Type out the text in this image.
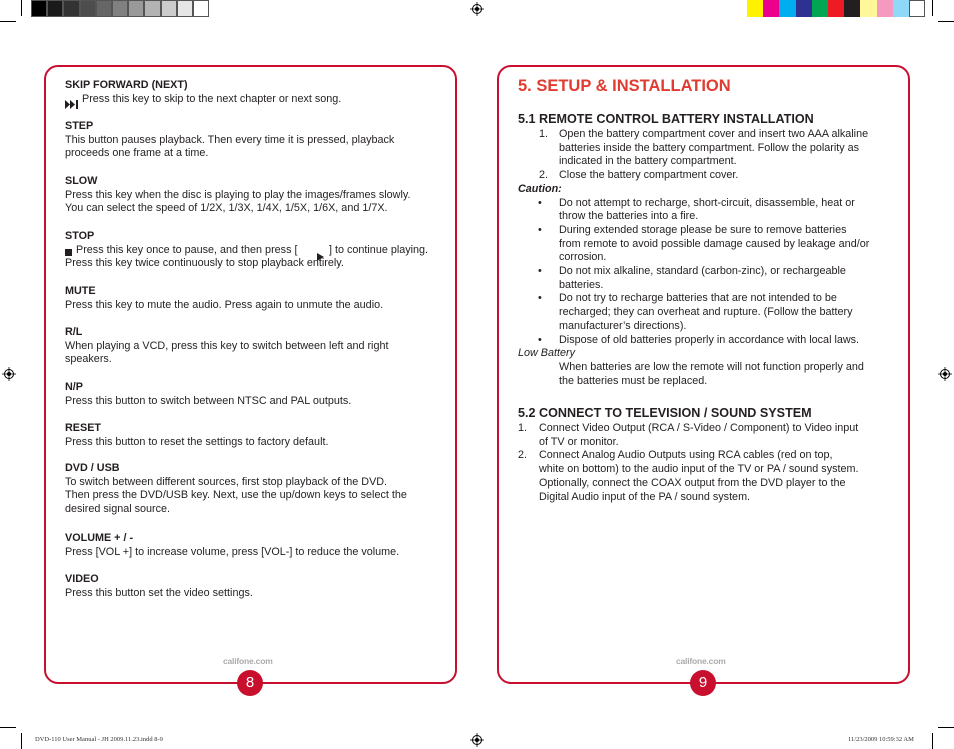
SKIP FORWARD (NEXT)
Press this key to skip to the next chapter or next song.
STEP
This button pauses playback. Then every time it is pressed, playback
proceeds one frame at a time.
SLOW
Press this key when the disc is playing to play the images/frames slowly.
You can select the speed of 1/2X, 1/3X, 1/4X, 1/5X, 1/6X, and 1/7X.
STOP
Press this key once to pause, and then press [	] to continue playing.
Press this key twice continuously to stop playback entirely.
MUTE
Press this key to mute the audio. Press again to unmute the audio.
R/L
When playing a VCD, press this key to switch between left and right
speakers.
N/P
Press this button to switch between NTSC and PAL outputs.
RESET
Press this button to reset the settings to factory default.
DVD / USB
To switch between different sources, first stop playback of the DVD.
Then press the DVD/USB key. Next, use the up/down keys to select the
desired signal source.
VOLUME + / -
Press [VOL +] to increase volume, press [VOL-] to reduce the volume.
VIDEO
Press this button set the video settings.
califone.com
8
5. SETUP & INSTALLATION
5.1 REMOTE CONTROL BATTERY INSTALLATION
1. Open the battery compartment cover and insert two AAA alkaline
batteries inside the battery compartment. Follow the polarity as
indicated in the battery compartment.
2. Close the battery compartment cover.
Caution:
• Do not attempt to recharge, short-circuit, disassemble, heat or
throw the batteries into a fire.
• During extended storage please be sure to remove batteries
from remote to avoid possible damage caused by leakage and/or
corrosion.
• Do not mix alkaline, standard (carbon-zinc), or rechargeable
batteries.
• Do not try to recharge batteries that are not intended to be
recharged; they can overheat and rupture. (Follow the battery
manufacturer’s directions).
• Dispose of old batteries properly in accordance with local laws.
Low Battery
When batteries are low the remote will not function properly and
the batteries must be replaced.
1. Connect Video Output (RCA / S-Video / Component) to Video input
of TV or monitor.
2. Connect Analog Audio Outputs using RCA cables (red on top,
white on bottom) to the audio input of the TV or PA / sound system.
Optionally, connect the COAX output from the DVD player to the
Digital Audio input of the PA / sound system.
5.2 CONNECT TO TELEVISION / SOUND SYSTEM
califone.com
9
DVD-110 User Manual - JH 2009.11.23.indd 8-9	11/23/2009 10:59:32 AM
